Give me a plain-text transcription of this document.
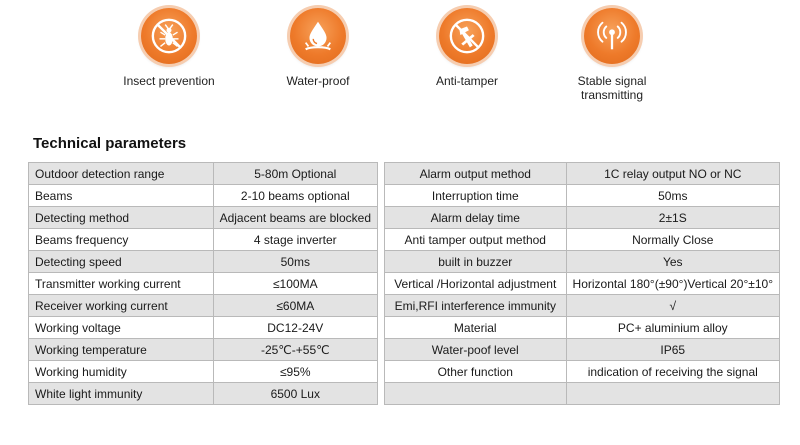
Insect prevention	Water-proof	Anti-tamper	Stable signal
transmitting
Technical parameters
Outdoor detection range	5-80m Optional
Beams	2-10 beams optional
Detecting method	Adjacent beams are blocked
Beams frequency	4 stage inverter
Detecting speed	50ms
Transmitter working current	≤100MA
Receiver working current	≤60MA
Working voltage	DC12-24V
Working temperature	-25℃-+55℃
Working humidity	≤95%
White light immunity	6500 Lux
Alarm output method	1C relay output NO or NC
Interruption time	50ms
Alarm delay time	2±1S
Anti tamper output method	Normally Close
built in buzzer	Yes
Vertical /Horizontal adjustment	Horizontal 180°(±90°)Vertical 20°±10°
Emi,RFI interference immunity	√
Material	PC+ aluminium alloy
Water-poof level	IP65
Other function	indication of receiving the signal
